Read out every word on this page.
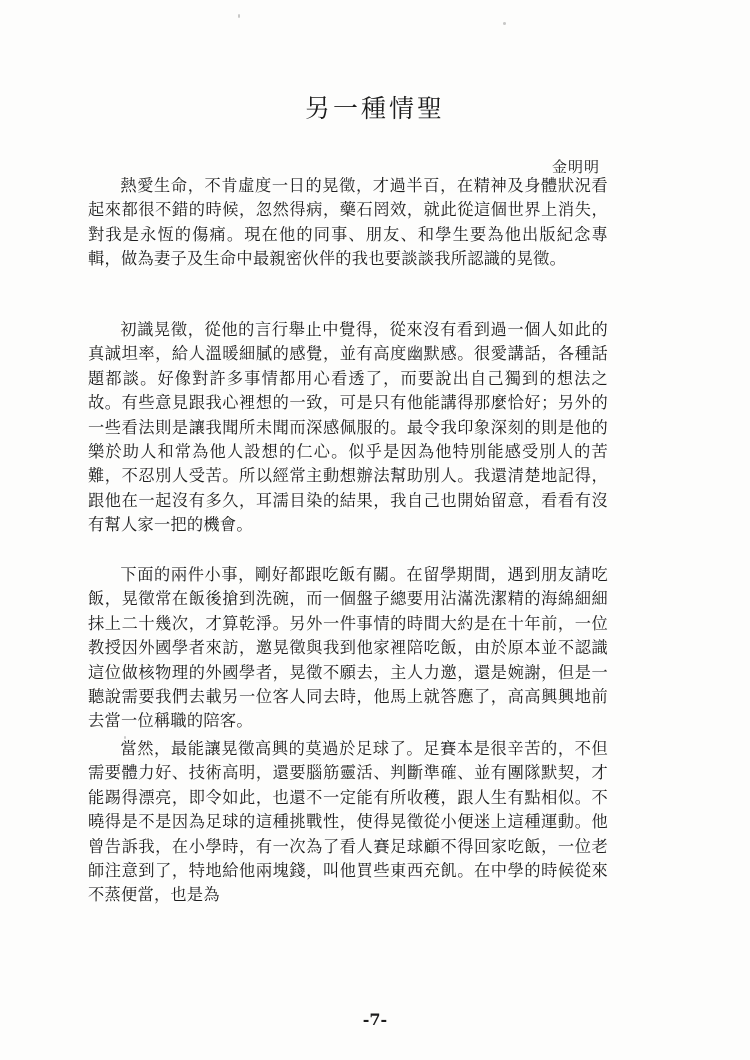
另一種情聖
金明明

熱愛生命，不肯虛度一日的晃徵，才過半百，在精神及身體狀況看起來都很不錯的時候，忽然得病，藥石罔效，就此從這個世界上消失，對我是永恆的傷痛。現在他的同事、朋友、和學生要為他出版紀念專輯，做為妻子及生命中最親密伙伴的我也要談談我所認識的晃徵。

初識晃徵，從他的言行舉止中覺得，從來沒有看到過一個人如此的真誠坦率，給人溫暖細膩的感覺，並有高度幽默感。很愛講話，各種話題都談。好像對許多事情都用心看透了，而要說出自己獨到的想法之故。有些意見跟我心裡想的一致，可是只有他能講得那麼恰好；另外的一些看法則是讓我聞所未聞而深感佩服的。最令我印象深刻的則是他的樂於助人和常為他人設想的仁心。似乎是因為他特別能感受別人的苦難，不忍別人受苦。所以經常主動想辦法幫助別人。我還清楚地記得，跟他在一起沒有多久，耳濡目染的結果，我自己也開始留意，看看有沒有幫人家一把的機會。

下面的兩件小事，剛好都跟吃飯有關。在留學期間，遇到朋友請吃飯，晃徵常在飯後搶到洗碗，而一個盤子總要用沾滿洗潔精的海綿細細抹上二十幾次，才算乾淨。另外一件事情的時間大約是在十年前，一位教授因外國學者來訪，邀晃徵與我到他家裡陪吃飯，由於原本並不認識這位做核物理的外國學者，晃徵不願去，主人力邀，還是婉謝，但是一聽說需要我們去載另一位客人同去時，他馬上就答應了，高高興興地前去當一位稱職的陪客。

當然，最能讓晃徵高興的莫過於足球了。足賽本是很辛苦的，不但需要體力好、技術高明，還要腦筋靈活、判斷準確、並有團隊默契，才能踢得漂亮，即令如此，也還不一定能有所收穫，跟人生有點相似。不曉得是不是因為足球的這種挑戰性，使得晃徵從小便迷上這種運動。他曾告訴我，在小學時，有一次為了看人賽足球顧不得回家吃飯，一位老師注意到了，特地給他兩塊錢，叫他買些東西充飢。在中學的時候從來不蒸便當，也是為

-7-
